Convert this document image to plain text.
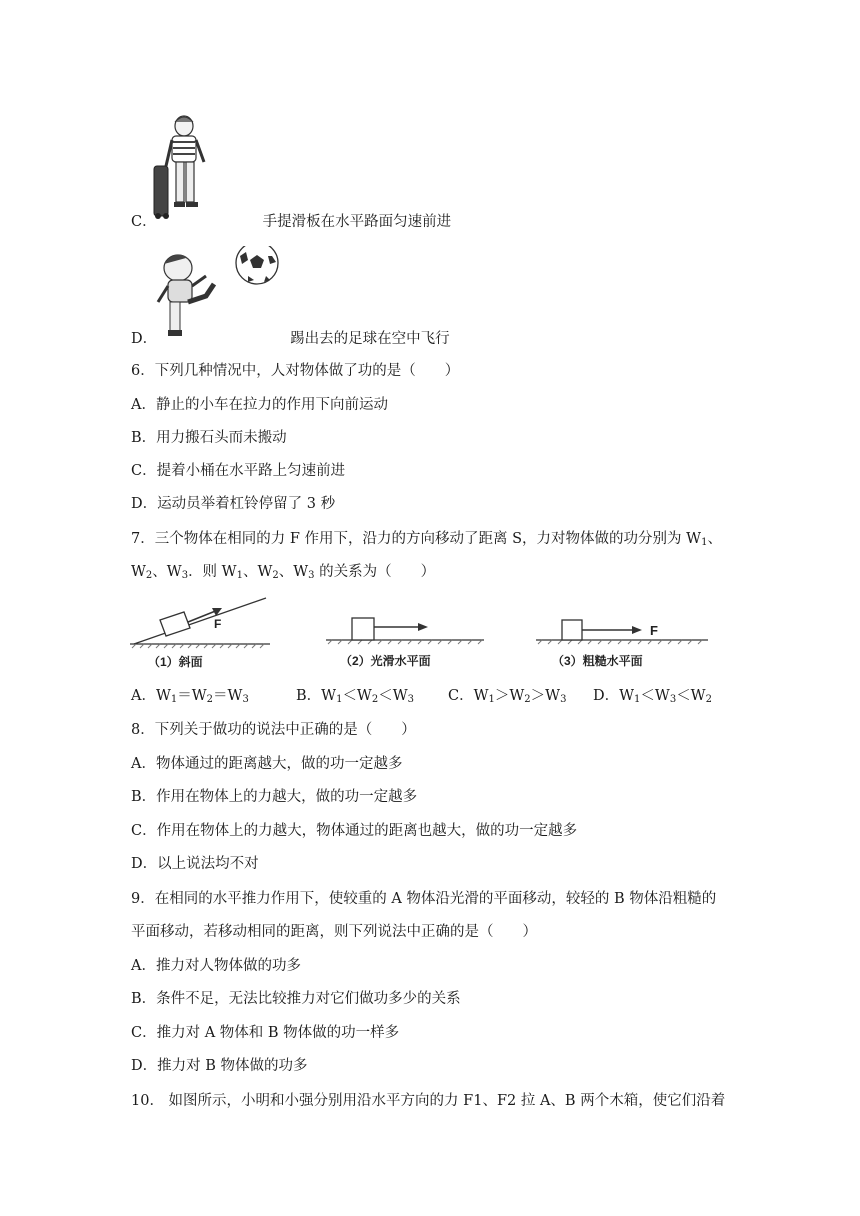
C．	手提滑板在水平路面匀速前进
D．	踢出去的足球在空中飞行
6．下列几种情况中，人对物体做了功的是（　　）
A．静止的小车在拉力的作用下向前运动
B．用力搬石头而未搬动
C．提着小桶在水平路上匀速前进
D．运动员举着杠铃停留了 3 秒
7．三个物体在相同的力 F 作用下，沿力的方向移动了距离 S，力对物体做的功分别为 $W_1$、
$W_2$、$W_3$．则 $W_1$、$W_2$、$W_3$ 的关系为（　　）
F
（1）斜面	（2）光滑水平面
F
（3）粗糙水平面
A．$W_1=W_2=W_3$	B．$W_1<W_2<W_3$ C．$W_1>W_2>W_3$ D．$W_1<W_3<W_2$
8．下列关于做功的说法中正确的是（　　）
A．物体通过的距离越大，做的功一定越多
B．作用在物体上的力越大，做的功一定越多
C．作用在物体上的力越大，物体通过的距离也越大，做的功一定越多
D．以上说法均不对
9．在相同的水平推力作用下，使较重的 A 物体沿光滑的平面移动，较轻的 B 物体沿粗糙的
平面移动，若移动相同的距离，则下列说法中正确的是（　　）
A．推力对人物体做的功多
B．条件不足，无法比较推力对它们做功多少的关系
C．推力对 A 物体和 B 物体做的功一样多
D．推力对 B 物体做的功多
10． 如图所示，小明和小强分别用沿水平方向的力 F1、F2 拉 A、B 两个木箱，使它们沿着
